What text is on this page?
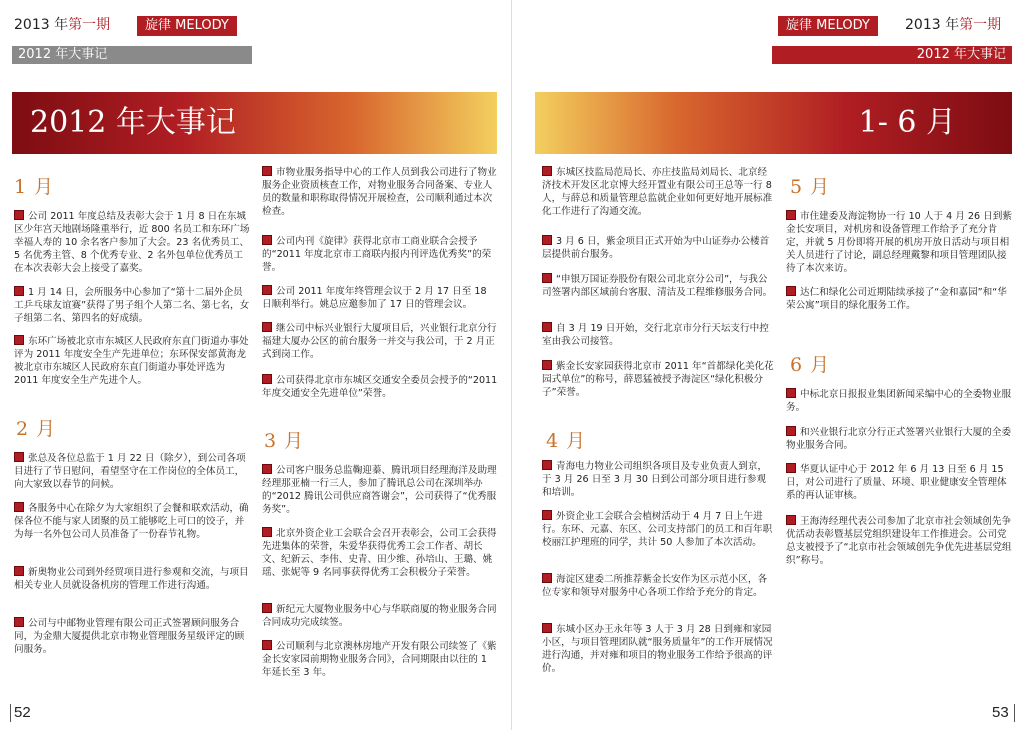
2013 年第一期	旋律 MELODY
2012 年大事记
旋律 MELODY	2013 年第一期
2012 年大事记
2012 年大事记	1- 6 月
1 月
公司 2011 年度总结及表彰大会于 1 月 8 日在东城区少年宫天地剧场隆重举行，近 800 名员工和东环广场幸福人寿的 10 余名客户参加了大会。23 名优秀员工、5 名优秀主管、8 个优秀专业、2 名外包单位优秀员工在本次表彰大会上接受了嘉奖。
1 月 14 日，会所服务中心参加了“第十二届外企员工乒乓球友谊赛”获得了男子组个人第二名、第七名，女子组第二名、第四名的好成绩。
东环广场被北京市东城区人民政府东直门街道办事处评为 2011 年度安全生产先进单位；东环保安部黄海龙被北京市东城区人民政府东直门街道办事处评选为 2011 年度安全生产先进个人。
2 月
张总及各位总监于 1 月 22 日（除夕），到公司各项目进行了节日慰问，看望坚守在工作岗位的全体员工，向大家致以春节的问候。
各服务中心在除夕为大家组织了会餐和联欢活动，确保各位不能与家人团聚的员工能够吃上可口的饺子，并为每一名外包公司人员准备了一份春节礼物。
新奥物业公司到外经贸项目进行参观和交流，与项目相关专业人员就设备机房的管理工作进行沟通。
公司与中邮物业管理有限公司正式签署顾问服务合同，为金鼎大厦提供北京市物业管理服务星级评定的顾问服务。
市物业服务指导中心的工作人员到我公司进行了物业服务企业资质核查工作，对物业服务合同备案、专业人员的数量和职称取得情况开展检查，公司顺利通过本次检查。
公司内刊《旋律》获得北京市工商业联合会授予的“2011 年度北京市工商联内报内刊评选优秀奖”的荣誉。
公司 2011 年度年终管理会议于 2 月 17 日至 18 日顺利举行。姚总应邀参加了 17 日的管理会议。
继公司中标兴业银行大厦项目后，兴业银行北京分行福建大厦办公区的前台服务一并交与我公司，于 2 月正式到岗工作。
公司获得北京市东城区交通安全委员会授予的“2011 年度交通安全先进单位”荣誉。
3 月
公司客户服务总监鞠迎蓁、腾讯项目经理海洋及助理经理那亚楠一行三人，参加了腾讯总公司在深圳举办的“2012 腾讯公司供应商答谢会”，公司获得了“优秀服务奖”。
北京外资企业工会联合会召开表彰会，公司工会获得先进集体的荣誉，朱爱华获得优秀工会工作者、胡长文、纪新云、李伟、史青、田少维、孙培山、王璐、姚瑶、张妮等 9 名同事获得优秀工会积极分子荣誉。
新纪元大厦物业服务中心与华联商厦的物业服务合同合同成功完成续签。
公司顺利与北京澳林房地产开发有限公司续签了《紫金长安家园前期物业服务合同》，合同期限由以往的 1 年延长至 3 年。
东城区技监局范局长、亦庄技监局刘局长、北京经济技术开发区北京博大经开置业有限公司王总等一行 8 人，与薛总和质量管理总监就企业如何更好地开展标准化工作进行了沟通交流。
3 月 6 日，紫金项目正式开始为中山证券办公楼首层提供前台服务。
“申银万国证券股份有限公司北京分公司”，与我公司签署内部区域前台客服、清洁及工程维修服务合同。
自 3 月 19 日开始，交行北京市分行天坛支行中控室由我公司接管。
紫金长安家园获得北京市 2011 年“首都绿化美化花园式单位”的称号，薛恩猛被授予海淀区“绿化积极分子”荣誉。
4 月
青海电力物业公司组织各项目及专业负责人到京，于 3 月 26 日至 3 月 30 日到公司部分项目进行参观和培训。
外资企业工会联合会植树活动于 4 月 7 日上午进行。东环、元嘉、东区、公司支持部门的员工和百年职校丽江护理班的同学，共计 50 人参加了本次活动。
海淀区建委二所推荐紫金长安作为区示范小区，各位专家和领导对服务中心各项工作给予充分的肯定。
东城小区办王永年等 3 人于 3 月 28 日到雍和家园小区，与项目管理团队就“服务质量年”的工作开展情况进行沟通，并对雍和项目的物业服务工作给予很高的评价。
5 月
市住建委及海淀物协一行 10 人于 4 月 26 日到紫金长安项目，对机房和设备管理工作给予了充分肯定，并就 5 月份即将开展的机房开放日活动与项目相关人员进行了讨论，副总经理戴黎和项目管理团队接待了本次来访。
达仁和绿化公司近期陆续承接了“金和嘉园”和“华荣公寓”项目的绿化服务工作。
6 月
中标北京日报报业集团新闻采编中心的全委物业服务。
和兴业银行北京分行正式签署兴业银行大厦的全委物业服务合同。
华夏认证中心于 2012 年 6 月 13 日至 6 月 15 日，对公司进行了质量、环境、职业健康安全管理体系的再认证审核。
王海涛经理代表公司参加了北京市社会领域创先争优活动表彰暨基层党组织建设年工作推进会。公司党总支被授予了“北京市社会领域创先争优先进基层党组织”称号。
52	53
